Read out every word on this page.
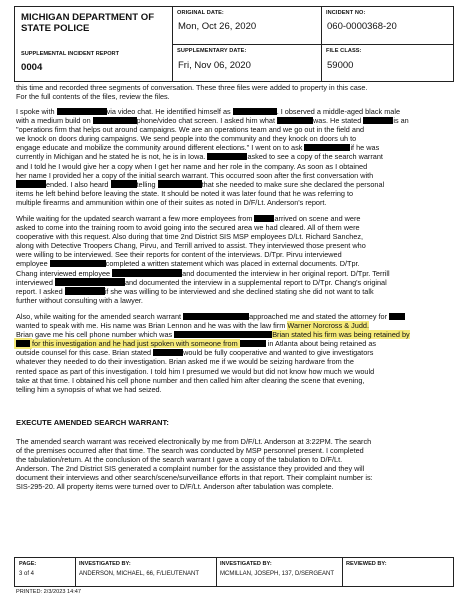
MICHIGAN DEPARTMENT OF STATE POLICE
SUPPLEMENTAL INCIDENT REPORT
0004
ORIGINAL DATE:
Mon, Oct 26, 2020
INCIDENT NO:
060-0000368-20
SUPPLEMENTARY DATE:
Fri, Nov 06, 2020
FILE CLASS:
59000
this time and recorded three segments of conversation. These three files were added to property in this case.
For the full contents of the files, review the files.
I spoke with	via video chat. He identified himself as	. I observed a middle-aged black male
with a medium build on	phone/video chat screen. I asked him what	was. He stated	is an
"operations firm that helps out around campaigns. We are an operations team and we go out in the field and
we knock on doors during campaigns. We send people into the community and they knock on doors uh to
engage educate and mobilize the community around different elections." I went on to ask	if he was
currently in Michigan and he stated he is not, he is in Iowa.	asked to see a copy of the search warrant
and I told he I would give her a copy when I get her name and her role in the company. As soon as I obtained
her name I provided her a copy of the initial search warrant. This occurred soon after the first conversation with
ended. I also heard	telling	that she needed to make sure she declared the personal
items he left behind before leaving the state. It should be noted it was later found that he was referring to
multiple firearms and ammunition within one of their suites as noted in D/F/Lt. Anderson's report.
While waiting for the updated search warrant a few more employees from	arrived on scene and were
asked to come into the training room to avoid going into the secured area we had cleared. All of them were
cooperative with this request. Also during that time 2nd District SIS MSP employees D/Lt. Richard Sanchez,
along with Detective Troopers Chang, Pirvu, and Terrill arrived to assist. They interviewed those present who
were willing to be interviewed. See their reports for content of the interviews. D/Tpr. Pirvu interviewed
employee	completed a written statement which was placed in external documents. D/Tpr.
Chang interviewed employee	and documented the interview in her original report. D/Tpr. Terrill
interviewed	and documented the interview in a supplemental report to D/Tpr. Chang's original
report. I asked	if she was willing to be interviewed and she declined stating she did not want to talk
further without consulting with a lawyer.
Also, while waiting for the amended search warrant	approached me and stated the attorney for
wanted to speak with me. His name was Brian Lennon and he was with the law firm Warner Norcross & Judd.
Brian gave me his cell phone number which was	Brian stated his firm was being retained by
for this investigation and he had just spoken with someone from	in Atlanta about being retained as
outside counsel for this case. Brian stated	would be fully cooperative and wanted to give investigators
whatever they needed to do their investigation. Brian asked me if we would be seizing hardware from the
rented space as part of this investigation. I told him I presumed we would but did not know how much we would
take at that time. I obtained his cell phone number and then called him after clearing the scene that evening,
telling him a synopsis of what we had seized.
EXECUTE AMENDED SEARCH WARRANT:
The amended search warrant was received electronically by me from D/F/Lt. Anderson at 3:22PM. The search
of the premises occurred after that time. The search was conducted by MSP personnel present. I completed
the tabulation/return. At the conclusion of the search warrant I gave a copy of the tabulation to D/F/Lt.
Anderson. The 2nd District SIS generated a complaint number for the assistance they provided and they will
document their interviews and other search/scene/surveillance efforts in that report. Their complaint number is:
SIS-295-20. All property items were turned over to D/F/Lt. Anderson after tabulation was complete.
PAGE:
3 of 4
INVESTIGATED BY:
ANDERSON, MICHAEL, 66, F/LIEUTENANT
INVESTIGATED BY:
MCMILLAN, JOSEPH, 137, D/SERGEANT
REVIEWED BY:
PRINTED: 2/3/2023 14:47
